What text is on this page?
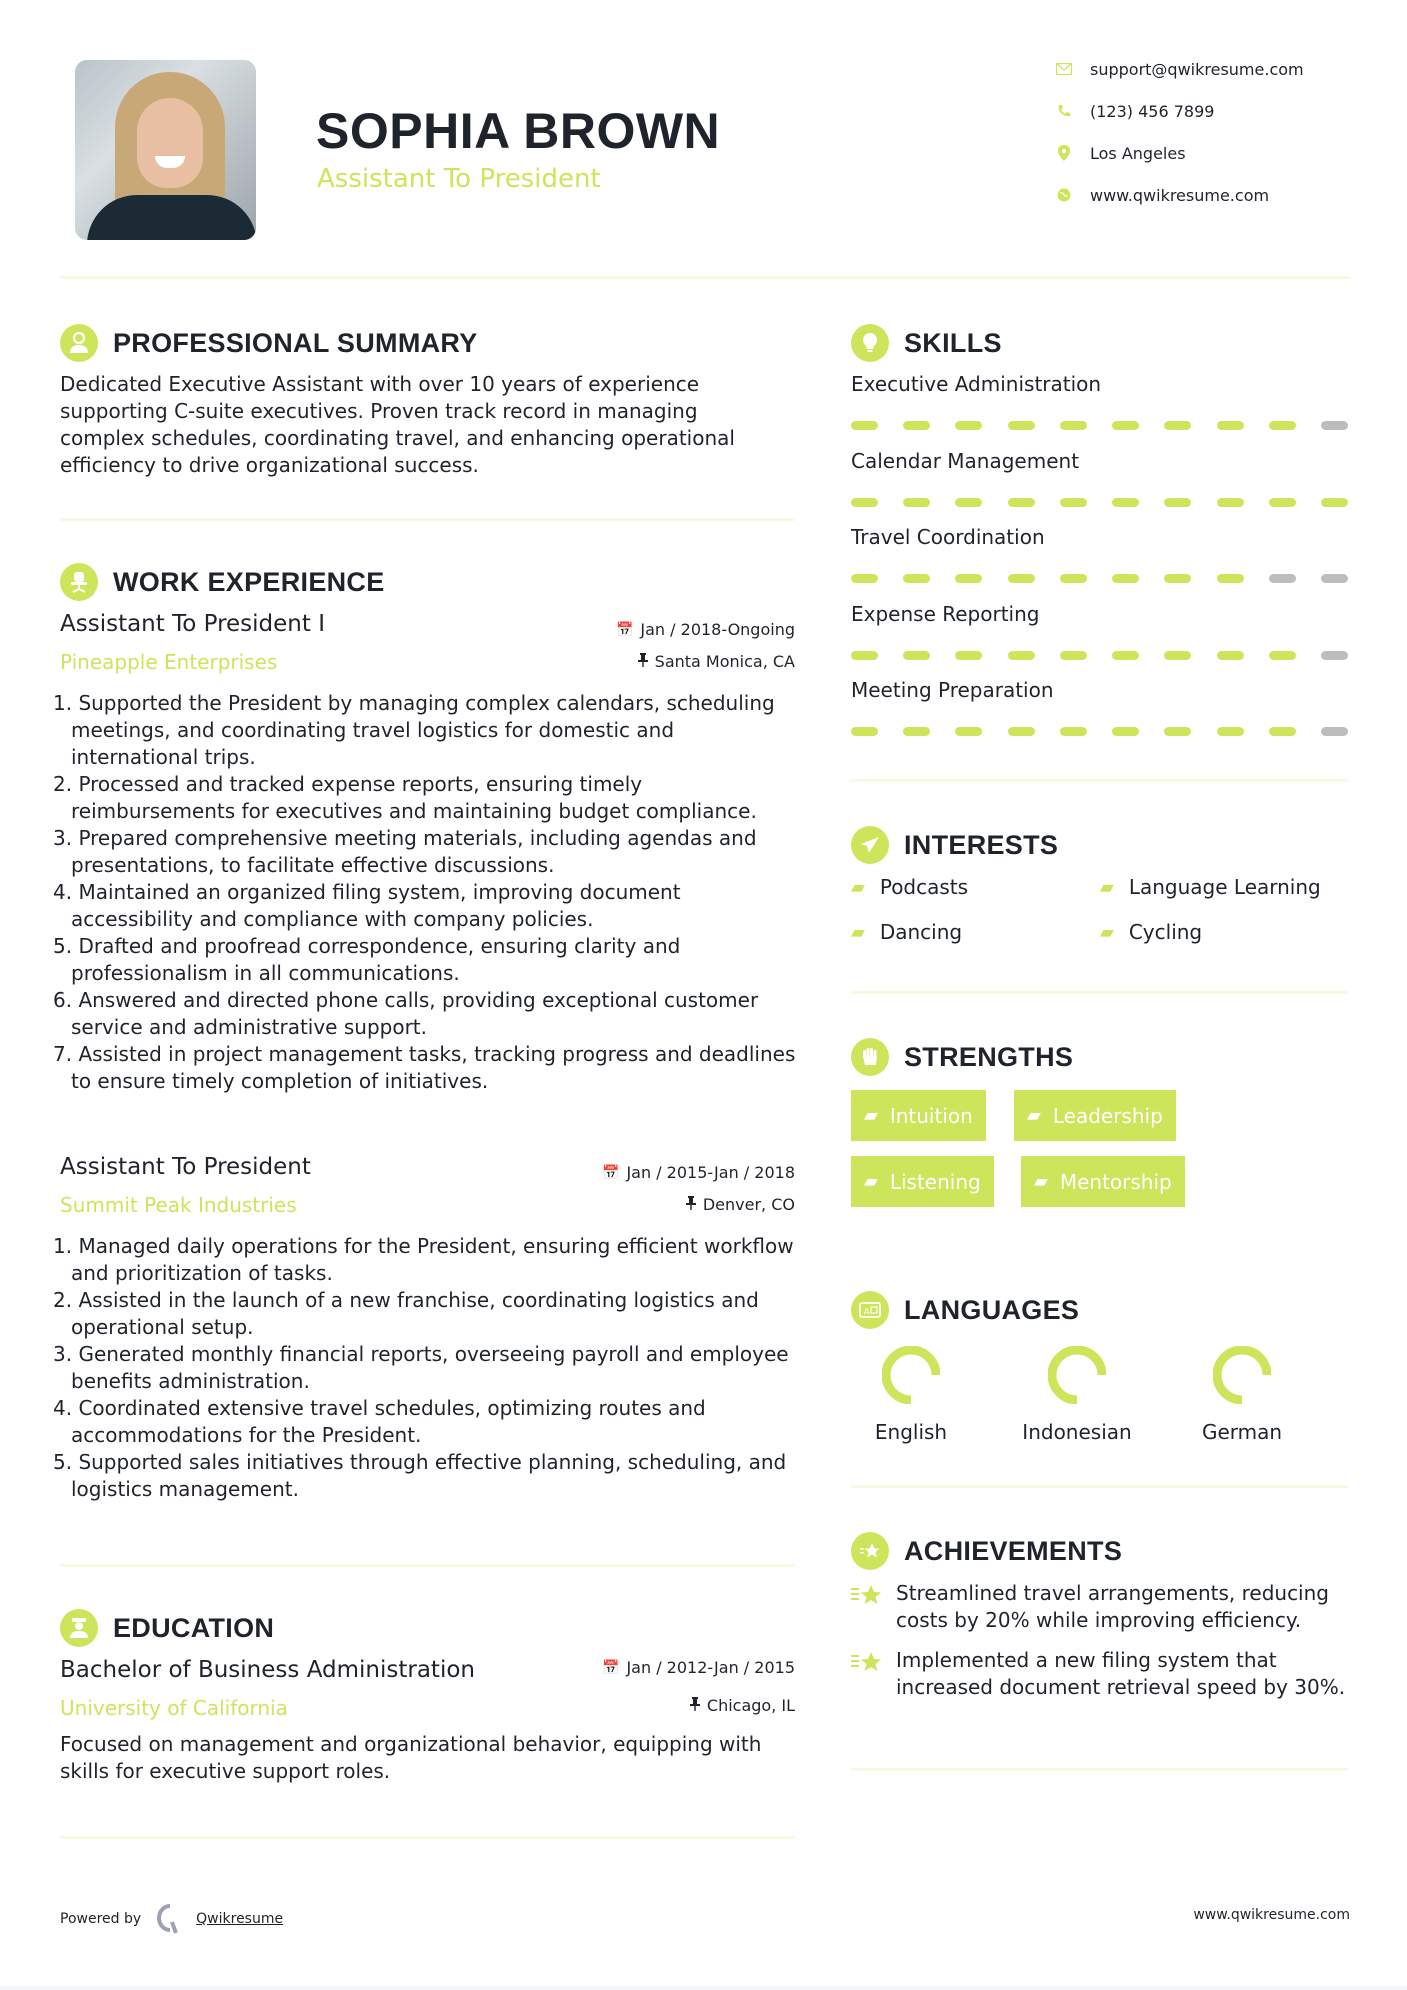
SOPHIA BROWN
Assistant To President
support@qwikresume.com
(123) 456 7899
Los Angeles
www.qwikresume.com
PROFESSIONAL SUMMARY
Dedicated Executive Assistant with over 10 years of experience
supporting C-suite executives. Proven track record in managing
complex schedules, coordinating travel, and enhancing operational
efficiency to drive organizational success.
WORK EXPERIENCE
Assistant To President I	📅 Jan / 2018-Ongoing
Pineapple Enterprises	Santa Monica, CA
1. Supported the President by managing complex calendars, scheduling meetings, and coordinating travel logistics for domestic and international trips.
2. Processed and tracked expense reports, ensuring timely reimbursements for executives and maintaining budget compliance.
3. Prepared comprehensive meeting materials, including agendas and presentations, to facilitate effective discussions.
4. Maintained an organized filing system, improving document accessibility and compliance with company policies.
5. Drafted and proofread correspondence, ensuring clarity and professionalism in all communications.
6. Answered and directed phone calls, providing exceptional customer service and administrative support.
7. Assisted in project management tasks, tracking progress and deadlines to ensure timely completion of initiatives.
Assistant To President	📅 Jan / 2015-Jan / 2018
Summit Peak Industries	Denver, CO
1. Managed daily operations for the President, ensuring efficient workflow and prioritization of tasks.
2. Assisted in the launch of a new franchise, coordinating logistics and operational setup.
3. Generated monthly financial reports, overseeing payroll and employee benefits administration.
4. Coordinated extensive travel schedules, optimizing routes and accommodations for the President.
5. Supported sales initiatives through effective planning, scheduling, and logistics management.
EDUCATION
Bachelor of Business Administration	📅 Jan / 2012-Jan / 2015
University of California	Chicago, IL
Focused on management and organizational behavior, equipping with skills for executive support roles.
SKILLS
Executive Administration
Calendar Management
Travel Coordination
Expense Reporting
Meeting Preparation
INTERESTS
▰ Podcasts	▰ Language Learning
▰ Dancing	▰ Cycling
STRENGTHS
▰ Intuition	▰ Leadership
▰ Listening	▰ Mentorship
A LANGUAGES
English	Indonesian	German
ACHIEVEMENTS
Streamlined travel arrangements, reducing costs by 20% while improving efficiency.
Implemented a new filing system that increased document retrieval speed by 30%.
Powered by	Qwikresume	www.qwikresume.com
